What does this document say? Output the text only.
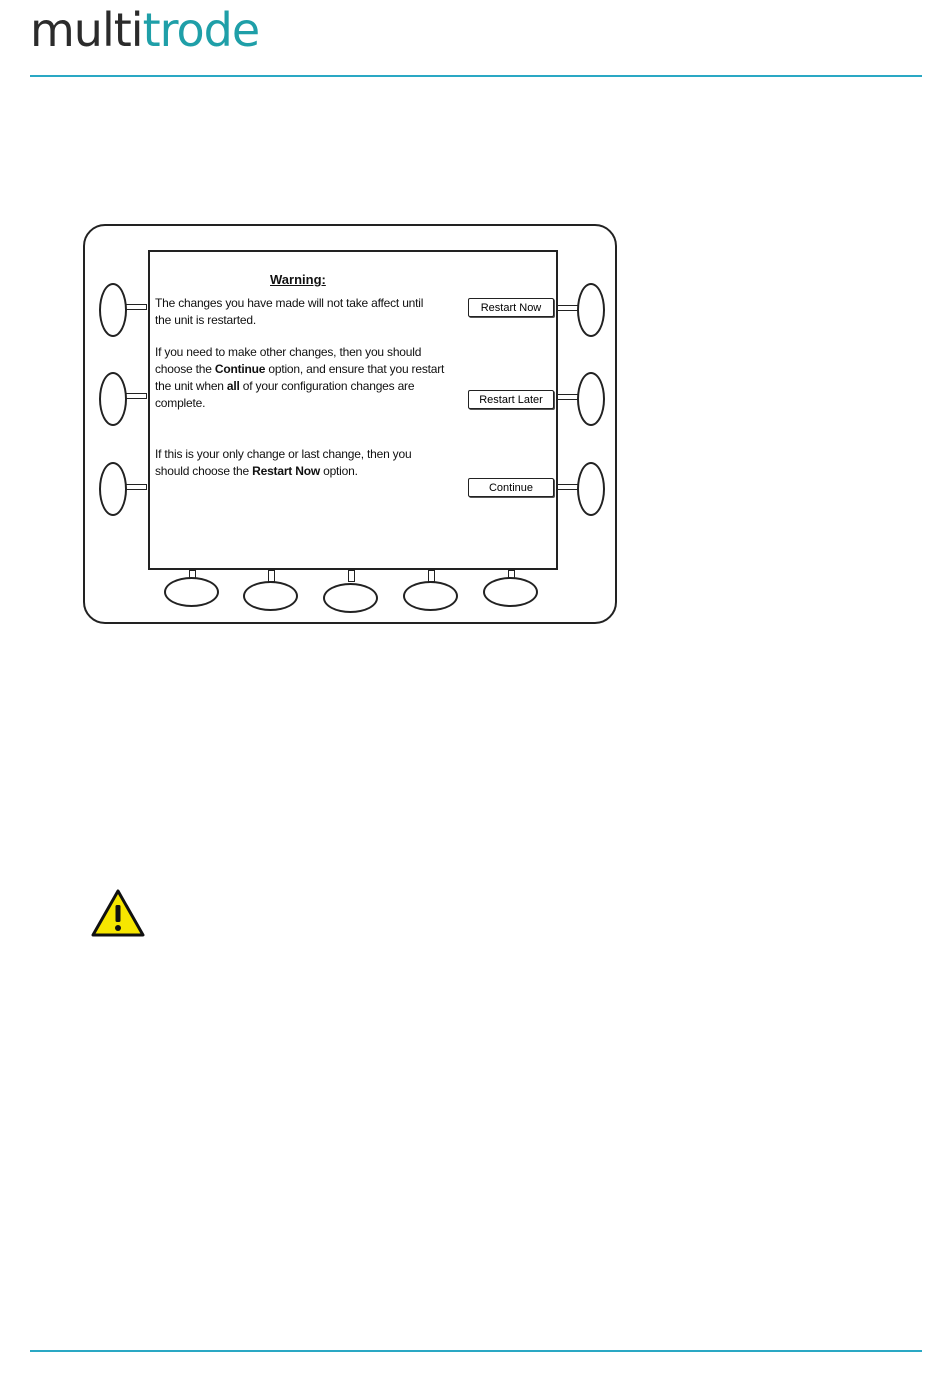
multitrode
Warning:
The changes you have made will not take affect until the unit is restarted.
If you need to make other changes, then you should choose the Continue option, and ensure that you restart the unit when all of your configuration changes are complete.
If this is your only change or last change, then you should choose the Restart Now option.
Restart Now
Restart Later
Continue
